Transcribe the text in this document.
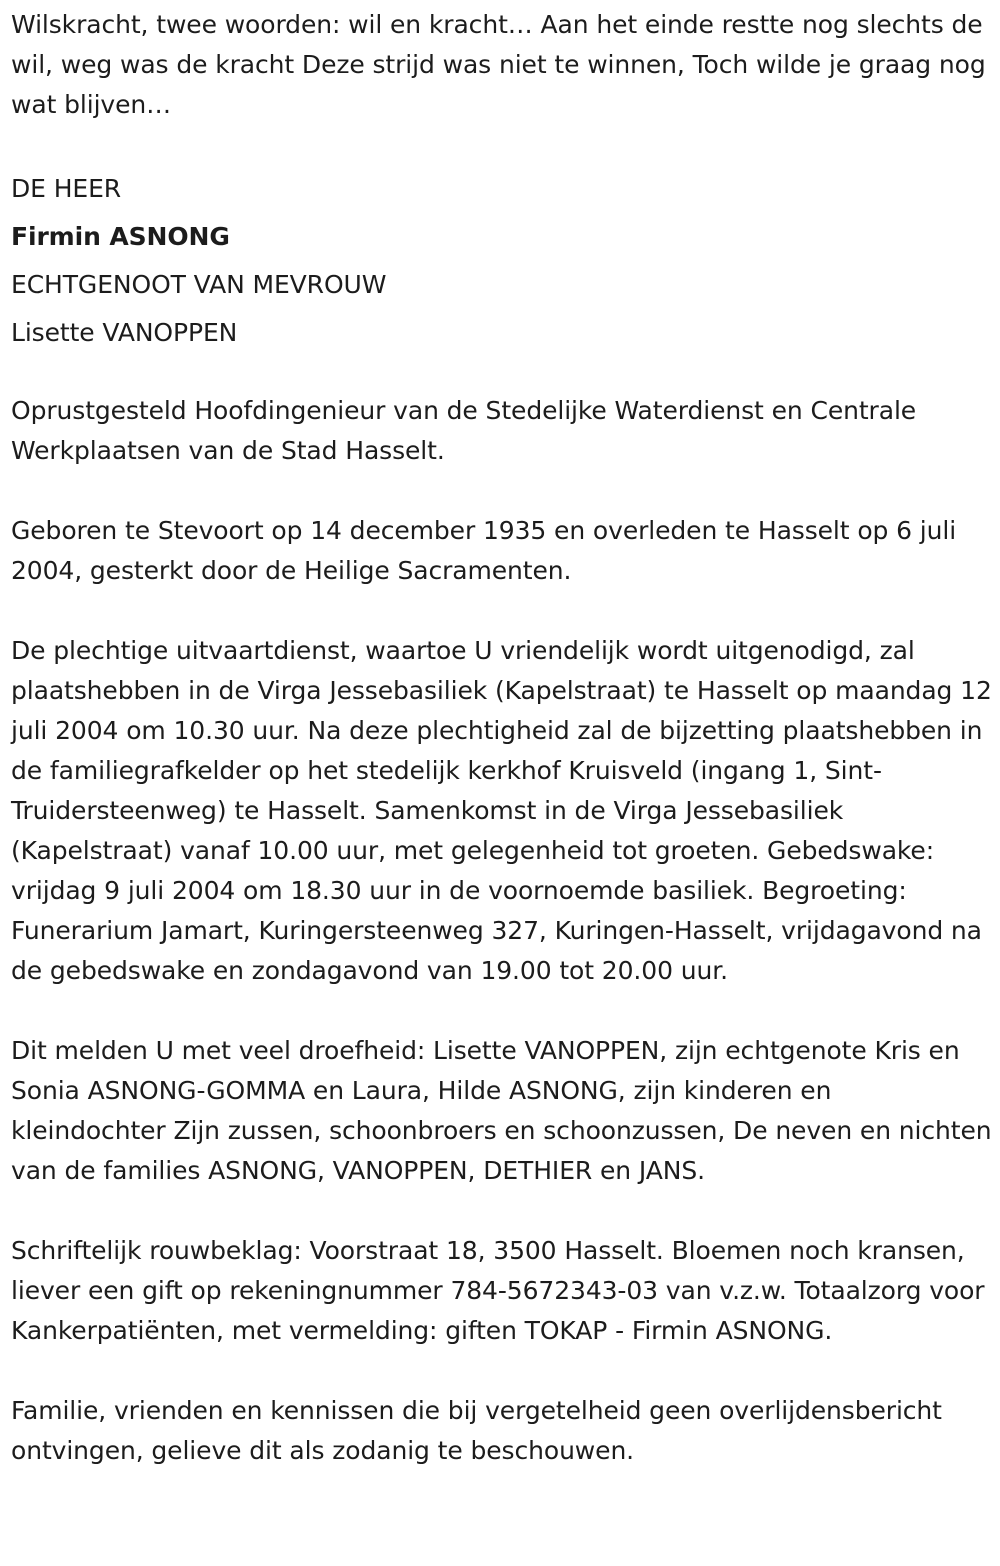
Wilskracht, twee woorden: wil en kracht… Aan het einde restte nog slechts de wil, weg was de kracht Deze strijd was niet te winnen, Toch wilde je graag nog wat blijven…

DE HEER

Firmin ASNONG

ECHTGENOOT VAN MEVROUW

Lisette VANOPPEN

Oprustgesteld Hoofdingenieur van de Stedelijke Waterdienst en Centrale Werkplaatsen van de Stad Hasselt.

Geboren te Stevoort op 14 december 1935 en overleden te Hasselt op 6 juli 2004, gesterkt door de Heilige Sacramenten.

De plechtige uitvaartdienst, waartoe U vriendelijk wordt uitgenodigd, zal plaatshebben in de Virga Jessebasiliek (Kapelstraat) te Hasselt op maandag 12 juli 2004 om 10.30 uur. Na deze plechtigheid zal de bijzetting plaatshebben in de familiegrafkelder op het stedelijk kerkhof Kruisveld (ingang 1, Sint-Truidersteenweg) te Hasselt. Samenkomst in de Virga Jessebasiliek (Kapelstraat) vanaf 10.00 uur, met gelegenheid tot groeten. Gebedswake: vrijdag 9 juli 2004 om 18.30 uur in de voornoemde basiliek. Begroeting: Funerarium Jamart, Kuringersteenweg 327, Kuringen-Hasselt, vrijdagavond na de gebedswake en zondagavond van 19.00 tot 20.00 uur.

Dit melden U met veel droefheid: Lisette VANOPPEN, zijn echtgenote Kris en Sonia ASNONG-GOMMA en Laura, Hilde ASNONG, zijn kinderen en kleindochter Zijn zussen, schoonbroers en schoonzussen, De neven en nichten van de families ASNONG, VANOPPEN, DETHIER en JANS.

Schriftelijk rouwbeklag: Voorstraat 18, 3500 Hasselt. Bloemen noch kransen, liever een gift op rekeningnummer 784-5672343-03 van v.z.w. Totaalzorg voor Kankerpatiënten, met vermelding: giften TOKAP - Firmin ASNONG.

Familie, vrienden en kennissen die bij vergetelheid geen overlijdensbericht ontvingen, gelieve dit als zodanig te beschouwen.
